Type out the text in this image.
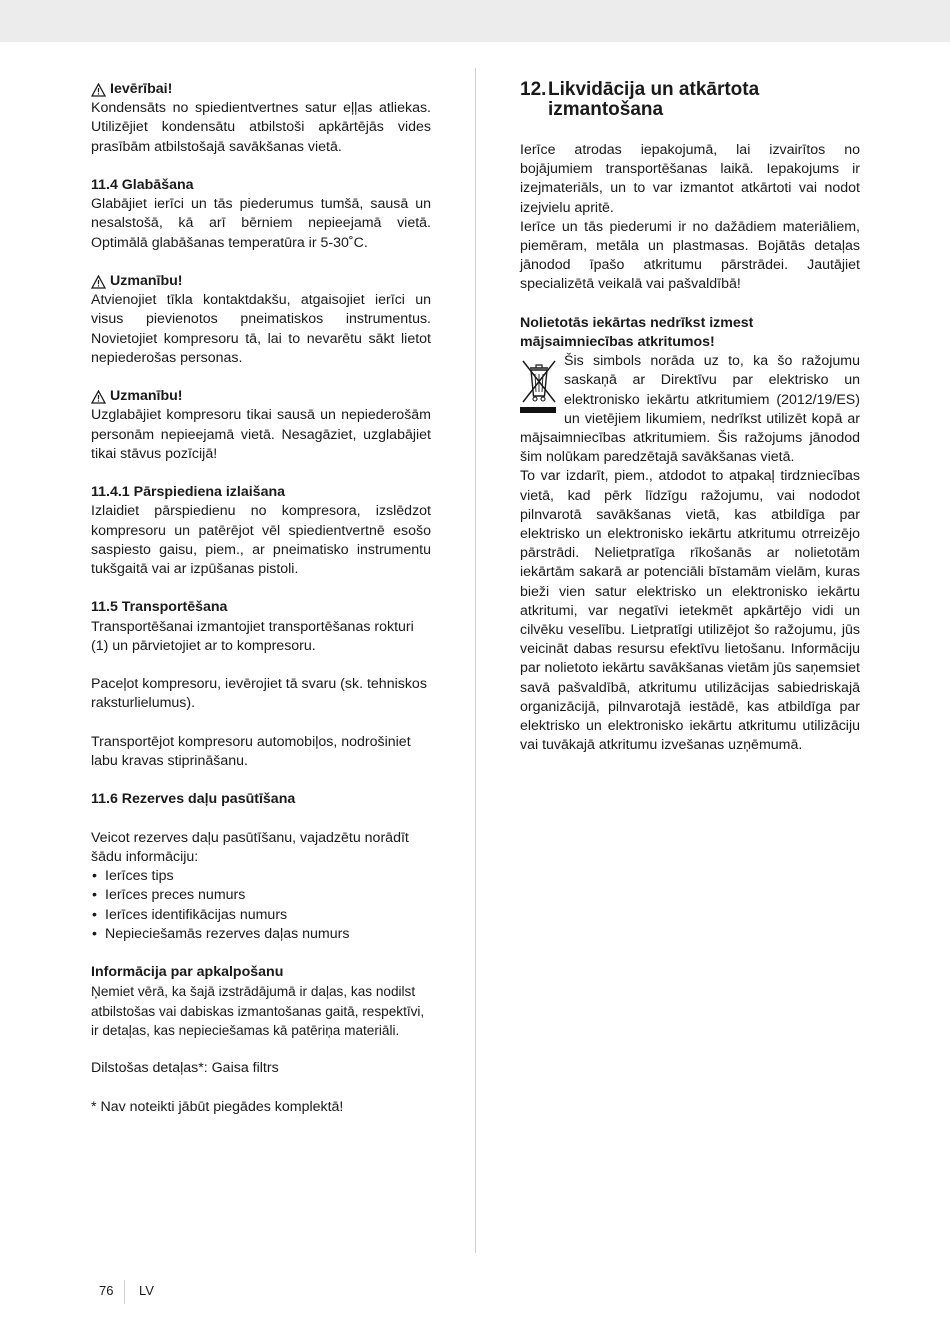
Ievērībai!

Kondensāts no spiedientvertnes satur eļļas atliekas. Utilizējiet kondensātu atbilstoši apkārtējās vides prasībām atbilstošajā savākšanas vietā.

11.4 Glabāšana

Glabājiet ierīci un tās piederumus tumšā, sausā un nesalstošā, kā arī bērniem nepieejamā vietā. Optimālā glabāšanas temperatūra ir 5-30˚C.

Uzmanību!

Atvienojiet tīkla kontaktdakšu, atgaisojiet ierīci un visus pievienotos pneimatiskos instrumentus. Novietojiet kompresoru tā, lai to nevarētu sākt lietot nepiederošas personas.

Uzmanību!

Uzglabājiet kompresoru tikai sausā un nepiederošām personām nepieejamā vietā. Nesagāziet, uzglabājiet tikai stāvus pozīcijā!

11.4.1 Pārspiediena izlaišana

Izlaidiet pārspiedienu no kompresora, izslēdzot kompresoru un patērējot vēl spiedientvertnē esošo saspiesto gaisu, piem., ar pneimatisko instrumentu tukšgaitā vai ar izpūšanas pistoli.

11.5 Transportēšana

Transportēšanai izmantojiet transportēšanas rokturi (1) un pārvietojiet ar to kompresoru.

Paceļot kompresoru, ievērojiet tā svaru (sk. tehniskos raksturlielumus).

Transportējot kompresoru automobiļos, nodrošiniet labu kravas stiprināšanu.

11.6 Rezerves daļu pasūtīšana

Veicot rezerves daļu pasūtīšanu, vajadzētu norādīt šādu informāciju:

• Ierīces tips
• Ierīces preces numurs
• Ierīces identifikācijas numurs
• Nepieciešamās rezerves daļas numurs

Informācija par apkalpošanu

Ņemiet vērā, ka šajā izstrādājumā ir daļas, kas nodilst atbilstošas vai dabiskas izmantošanas gaitā, respektīvi, ir detaļas, kas nepieciešamas kā patēriņa materiāli.

Dilstošas detaļas*: Gaisa filtrs

* Nav noteikti jābūt piegādes komplektā!

12. Likvidācija un atkārtota izmantošana

Ierīce atrodas iepakojumā, lai izvairītos no bojājumiem transportēšanas laikā. Iepakojums ir izejmateriāls, un to var izmantot atkārtoti vai nodot izejvielu apritē.

Ierīce un tās piederumi ir no dažādiem materiāliem, piemēram, metāla un plastmasas. Bojātās detaļas jānodod īpašo atkritumu pārstrādei. Jautājiet specializētā veikalā vai pašvaldībā!

Nolietotās iekārtas nedrīkst izmest mājsaimniecības atkritumos!

Šis simbols norāda uz to, ka šo ražojumu saskaņā ar Direktīvu par elektrisko un elektronisko iekārtu atkritumiem (2012/19/ES) un vietējiem likumiem, nedrīkst utilizēt kopā ar mājsaimniecības atkritumiem. Šis ražojums jānodod šim nolūkam paredzētajā savākšanas vietā.

To var izdarīt, piem., atdodot to atpakaļ tirdzniecības vietā, kad pērk līdzīgu ražojumu, vai nododot pilnvarotā savākšanas vietā, kas atbildīga par elektrisko un elektronisko iekārtu atkritumu otrreizējo pārstrādi. Nelietpratīga rīkošanās ar nolietotām iekārtām sakarā ar potenciāli bīstamām vielām, kuras bieži vien satur elektrisko un elektronisko iekārtu atkritumi, var negatīvi ietekmēt apkārtējo vidi un cilvēku veselību. Lietpratīgi utilizējot šo ražojumu, jūs veicināt dabas resursu efektīvu lietošanu. Informāciju par nolietoto iekārtu savākšanas vietām jūs saņemsiet savā pašvaldībā, atkritumu utilizācijas sabiedriskajā organizācijā, pilnvarotajā iestādē, kas atbildīga par elektrisko un elektronisko iekārtu atkritumu utilizāciju vai tuvākajā atkritumu izvešanas uzņēmumā.

76 LV
